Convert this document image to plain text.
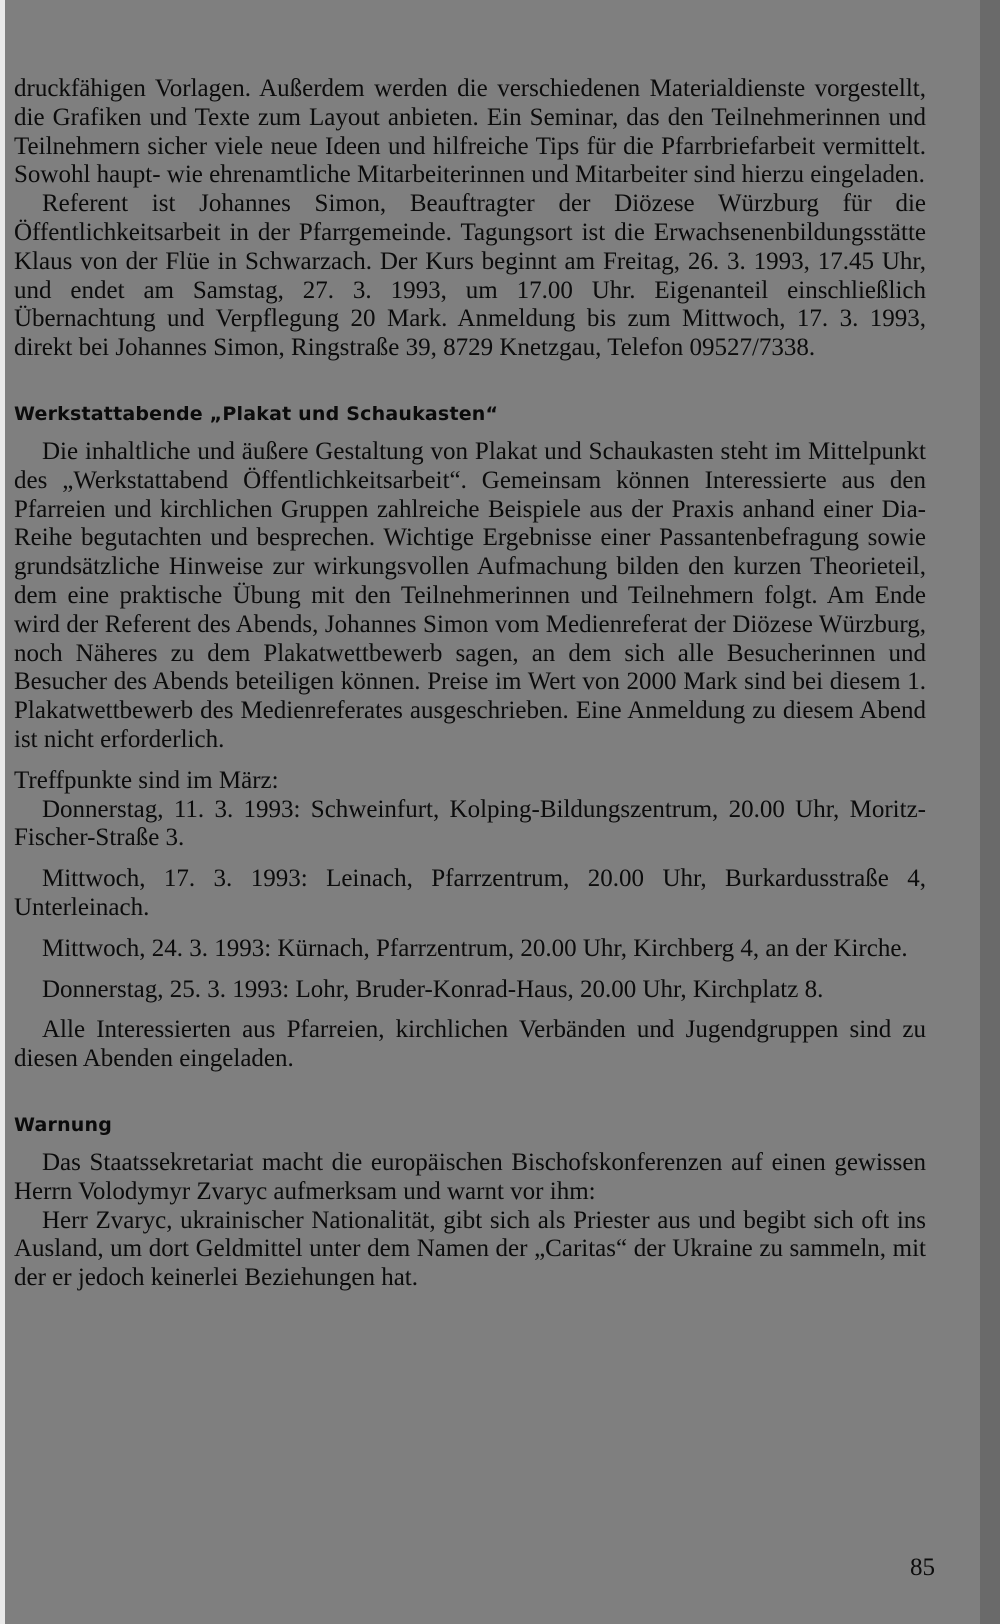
druckfähigen Vorlagen. Außerdem werden die verschiedenen Materialdienste vorgestellt, die Grafiken und Texte zum Layout anbieten. Ein Seminar, das den Teilnehmerinnen und Teilnehmern sicher viele neue Ideen und hilfreiche Tips für die Pfarrbriefarbeit vermittelt. Sowohl haupt- wie ehrenamtliche Mitarbeiterinnen und Mitarbeiter sind hierzu eingeladen.

Referent ist Johannes Simon, Beauftragter der Diözese Würzburg für die Öffentlichkeitsarbeit in der Pfarrgemeinde. Tagungsort ist die Erwachsenenbildungsstätte Klaus von der Flüe in Schwarzach. Der Kurs beginnt am Freitag, 26. 3. 1993, 17.45 Uhr, und endet am Samstag, 27. 3. 1993, um 17.00 Uhr. Eigenanteil einschließlich Übernachtung und Verpflegung 20 Mark. Anmeldung bis zum Mittwoch, 17. 3. 1993, direkt bei Johannes Simon, Ringstraße 39, 8729 Knetzgau, Telefon 09527/7338.

Werkstattabende „Plakat und Schaukasten“

Die inhaltliche und äußere Gestaltung von Plakat und Schaukasten steht im Mittelpunkt des „Werkstattabend Öffentlichkeitsarbeit“. Gemeinsam können Interessierte aus den Pfarreien und kirchlichen Gruppen zahlreiche Beispiele aus der Praxis anhand einer Dia-Reihe begutachten und besprechen. Wichtige Ergebnisse einer Passantenbefragung sowie grundsätzliche Hinweise zur wirkungsvollen Aufmachung bilden den kurzen Theorieteil, dem eine praktische Übung mit den Teilnehmerinnen und Teilnehmern folgt. Am Ende wird der Referent des Abends, Johannes Simon vom Medienreferat der Diözese Würzburg, noch Näheres zu dem Plakatwettbewerb sagen, an dem sich alle Besucherinnen und Besucher des Abends beteiligen können. Preise im Wert von 2000 Mark sind bei diesem 1. Plakatwettbewerb des Medienreferates ausgeschrieben. Eine Anmeldung zu diesem Abend ist nicht erforderlich.

Treffpunkte sind im März:

Donnerstag, 11. 3. 1993: Schweinfurt, Kolping-Bildungszentrum, 20.00 Uhr, Moritz-Fischer-Straße 3.

Mittwoch, 17. 3. 1993: Leinach, Pfarrzentrum, 20.00 Uhr, Burkardusstraße 4, Unterleinach.

Mittwoch, 24. 3. 1993: Kürnach, Pfarrzentrum, 20.00 Uhr, Kirchberg 4, an der Kirche.

Donnerstag, 25. 3. 1993: Lohr, Bruder-Konrad-Haus, 20.00 Uhr, Kirchplatz 8.

Alle Interessierten aus Pfarreien, kirchlichen Verbänden und Jugendgruppen sind zu diesen Abenden eingeladen.

Warnung

Das Staatssekretariat macht die europäischen Bischofskonferenzen auf einen gewissen Herrn Volodymyr Zvaryc aufmerksam und warnt vor ihm:

Herr Zvaryc, ukrainischer Nationalität, gibt sich als Priester aus und begibt sich oft ins Ausland, um dort Geldmittel unter dem Namen der „Caritas“ der Ukraine zu sammeln, mit der er jedoch keinerlei Beziehungen hat.

85
